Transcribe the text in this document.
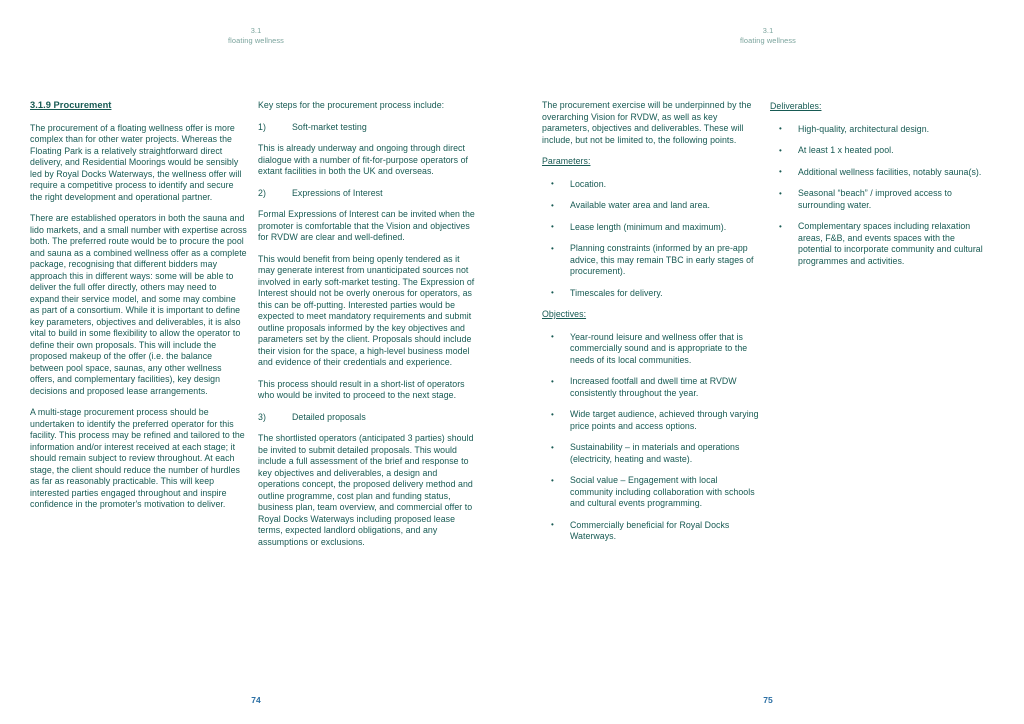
3.1
floating wellness
3.1.9 Procurement

The procurement of a floating wellness offer is more complex than for other water projects. Whereas the Floating Park is a relatively straightforward direct delivery, and Residential Moorings would be sensibly led by Royal Docks Waterways, the wellness offer will require a competitive process to identify and secure the right development and operational partner.

There are established operators in both the sauna and lido markets, and a small number with expertise across both. The preferred route would be to procure the pool and sauna as a combined wellness offer as a complete package, recognising that different bidders may approach this in different ways: some will be able to deliver the full offer directly, others may need to expand their service model, and some may combine as part of a consortium. While it is important to define key parameters, objectives and deliverables, it is also vital to build in some flexibility to allow the operator to define their own proposals. This will include the proposed makeup of the offer (i.e. the balance between pool space, saunas, any other wellness offers, and complementary facilities), key design decisions and proposed lease arrangements.

A multi-stage procurement process should be undertaken to identify the preferred operator for this facility. This process may be refined and tailored to the information and/or interest received at each stage; it should remain subject to review throughout. At each stage, the client should reduce the number of hurdles as far as reasonably practicable. This will keep interested parties engaged throughout and inspire confidence in the promoter's motivation to deliver.

Key steps for the procurement process include:

1)	Soft-market testing

This is already underway and ongoing through direct dialogue with a number of fit-for-purpose operators of extant facilities in both the UK and overseas.

2)	Expressions of Interest

Formal Expressions of Interest can be invited when the promoter is comfortable that the Vision and objectives for RVDW are clear and well-defined.

This would benefit from being openly tendered as it may generate interest from unanticipated sources not involved in early soft-market testing. The Expression of Interest should not be overly onerous for operators, as this can be off-putting. Interested parties would be expected to meet mandatory requirements and submit outline proposals informed by the key objectives and parameters set by the client. Proposals should include their vision for the space, a high-level business model and evidence of their credentials and experience.

This process should result in a short-list of operators who would be invited to proceed to the next stage.

3)	Detailed proposals

The shortlisted operators (anticipated 3 parties) should be invited to submit detailed proposals. This would include a full assessment of the brief and response to key objectives and deliverables, a design and operations concept, the proposed delivery method and outline programme, cost plan and funding status, business plan, team overview, and commercial offer to Royal Docks Waterways including proposed lease terms, expected landlord obligations, and any assumptions or exclusions.

74
3.1
floating wellness

The procurement exercise will be underpinned by the overarching Vision for RVDW, as well as key parameters, objectives and deliverables. These will include, but not be limited to, the following points.

Parameters:
• Location.
• Available water area and land area.
• Lease length (minimum and maximum).
• Planning constraints (informed by an pre-app advice, this may remain TBC in early stages of procurement).
• Timescales for delivery.
Objectives:
• Year-round leisure and wellness offer that is commercially sound and is appropriate to the needs of its local communities.
• Increased footfall and dwell time at RVDW consistently throughout the year.
• Wide target audience, achieved through varying price points and access options.
• Sustainability – in materials and operations (electricity, heating and waste).
• Social value – Engagement with local community including collaboration with schools and cultural events programming.
• Commercially beneficial for Royal Docks Waterways.
Deliverables:
• High-quality, architectural design.
• At least 1 x heated pool.
• Additional wellness facilities, notably sauna(s).
• Seasonal “beach” / improved access to surrounding water.
• Complementary spaces including relaxation areas, F&B, and events spaces with the potential to incorporate community and cultural programmes and activities.
75
